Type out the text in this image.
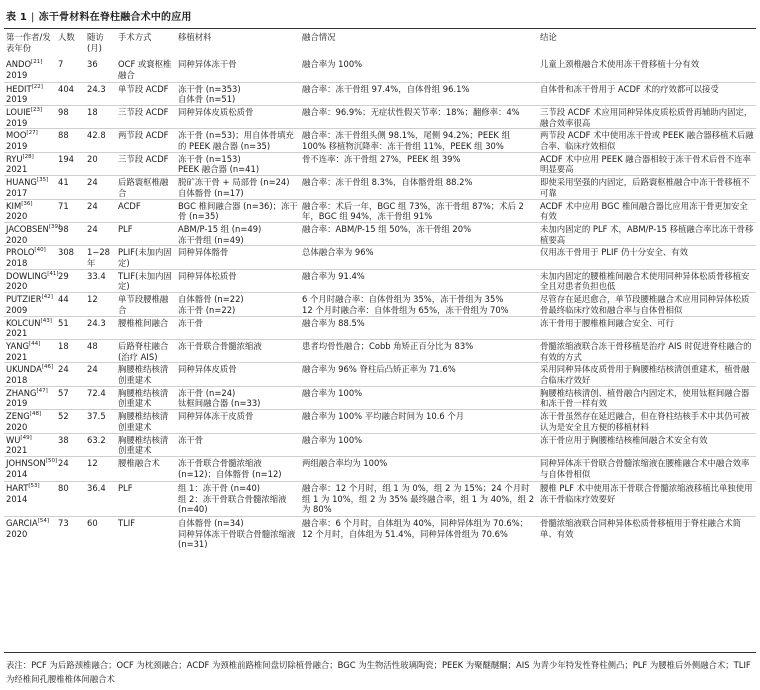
表 1 | 冻干骨材料在脊柱融合术中的应用
第一作者/发表年份	人数	随访(月)	手术方式	移植材料	融合情况	结论
ANDO[21]
2019	7	36	OCF 或寰枢椎融合	同种异体冻干骨	融合率为 100%	儿童上颈椎融合术使用冻干骨移植十分有效
HEDIT[22]
2019	404	24.3	单节段 ACDF	冻干骨 (n=353)
自体骨 (n=51)	融合率：冻干骨组 97.4%，自体骨组 96.1%	自体骨和冻干骨用于 ACDF 术的疗效都可以接受
LOUIE[23]
2019	98	18	三节段 ACDF	同种异体皮质松质骨	融合率：96.9%；无症状性假关节率：18%；翻修率：4%	三节段 ACDF 术应用同种异体皮质松质骨再辅助内固定，融合效率很高
MOO[27]
2019	88	42.8	两节段 ACDF	冻干骨 (n=53)；用自体骨填充的 PEEK 融合器 (n=35)	融合率：冻干骨组头侧 98.1%，尾侧 94.2%；PEEK 组 100% 移植物沉降率：冻干骨组 11%，PEEK 组 30%	两节段 ACDF 术中使用冻干骨或 PEEK 融合器移植术后融合率、临床疗效相似
RYU[28]
2021	194	20	三节段 ACDF	冻干骨 (n=153)
PEEK 融合器 (n=41)	骨不连率：冻干骨组 27%，PEEK 组 39%	ACDF 术中应用 PEEK 融合器相较于冻干骨术后骨不连率明显要高
HUANG[35]
2017	41	24	后路寰枢椎融合	脱矿冻干骨 + 局部骨 (n=24)
自体髂骨 (n=17)	融合率：冻干骨组 8.3%，自体髂骨组 88.2%	即使采用坚强的内固定，后路寰枢椎融合中冻干骨移植不可靠
KIM[36]
2020	71	24	ACDF	BGC 椎间融合器 (n=36)；冻干骨 (n=35)	融合率：术后一年，BGC 组 73%，冻干骨组 87%；术后 2 年，BGC 组 94%，冻干骨组 91%	ACDF 术中应用 BGC 椎间融合器比应用冻干骨更加安全有效
JACOBSEN[39]
2020	98	24	PLF	ABM/P-15 组 (n=49)
冻干骨组 (n=49)	融合率：ABM/P-15 组 50%，冻干骨组 20%	未加内固定的 PLF 术，ABM/P-15 移植融合率比冻干骨移植要高
PROLO[40]
2018	308	1−28 年	PLIF(未加内固定)	同种异体髂骨	总体融合率为 96%	仅用冻干骨用于 PLIF 仍十分安全、有效
DOWLING[41]
2020	29	33.4	TLIF(未加内固定)	同种异体松质骨	融合率为 91.4%	未加内固定的腰椎椎间融合术使用同种异体松质骨移植安全且对患者负担也低
PUTZIER[42]
2009	44	12	单节段腰椎融合	自体髂骨 (n=22)
冻干骨 (n=22)	6 个月时融合率：自体骨组为 35%，冻干骨组为 35%
12 个月时融合率：自体骨组为 65%，冻干骨组为 70%	尽管存在延迟愈合，单节段腰椎融合术应用同种异体松质骨最终临床疗效和融合率与自体骨相似
KOLCUN[43]
2021	51	24.3	腰椎椎间融合	冻干骨	融合率为 88.5%	冻干骨用于腰椎椎间融合安全、可行
YANG[44]
2021	18	48	后路脊柱融合(治疗 AIS)	冻干骨联合骨髓浓缩液	患者均骨性融合；Cobb 角矫正百分比为 83%	骨髓浓缩液联合冻干骨移植是治疗 AIS 时促进脊柱融合的有效的方式
UKUNDA[46]
2018	24	24	胸腰椎结核清创重建术	同种异体皮质骨	融合率为 96% 脊柱后凸矫正率为 71.6%	采用同种异体皮质骨用于胸腰椎结核清创重建术，植骨融合临床疗效好
ZHANG[47]
2019	57	72.4	胸腰椎结核清创重建术	冻干骨 (n=24)
钛框间融合器 (n=33)	融合率为 100%	胸腰椎结核清创、植骨融合内固定术，使用钛框间融合器和冻干骨一样有效
ZENG[48]
2020	52	37.5	胸腰椎结核清创重建术	同种异体冻干皮质骨	融合率为 100% 平均融合时间为 10.6 个月	冻干骨虽然存在延迟融合，但在脊柱结核手术中其仍可被认为是安全且方便的移植材料
WU[49]
2021	38	63.2	胸腰椎结核清创重建术	冻干骨	融合率为 100%	冻干骨应用于胸腰椎结核椎间融合术安全有效
JOHNSON[50]
2014	24	12	腰椎融合术	冻干骨联合骨髓浓缩液 (n=12)；自体髂骨 (n=12)	两组融合率均为 100%	同种异体冻干骨联合骨髓浓缩液在腰椎融合术中融合效率与自体骨相似
HART[53]
2014	80	36.4	PLF	组 1：冻干骨 (n=40)
组 2：冻干骨联合骨髓浓缩液 (n=40)	融合率：12 个月时，组 1 为 0%，组 2 为 15%；24 个月时组 1 为 10%，组 2 为 35% 最终融合率，组 1 为 40%，组 2 为 80%	腰椎 PLF 术中使用冻干骨联合骨髓浓缩液移植比单独使用冻干骨临床疗效要好
GARCIA[54]
2020	73	60	TLIF	自体髂骨 (n=34)
同种异体冻干骨联合骨髓浓缩液 (n=31)	融合率：6 个月时，自体组为 40%，同种异体组为 70.6%；12 个月时，自体组为 51.4%，同种异体骨组为 70.6%	骨髓浓缩液联合同种异体松质骨移植用于脊柱融合术简单、有效
表注：PCF 为后路颈椎融合；OCF 为枕颈融合；ACDF 为颈椎前路椎间盘切除植骨融合；BGC 为生物活性玻璃陶瓷；PEEK 为聚醚醚酮；AIS 为青少年特发性脊柱侧凸；PLF 为腰椎后外侧融合术；TLIF 为经椎间孔腰椎椎体间融合术
